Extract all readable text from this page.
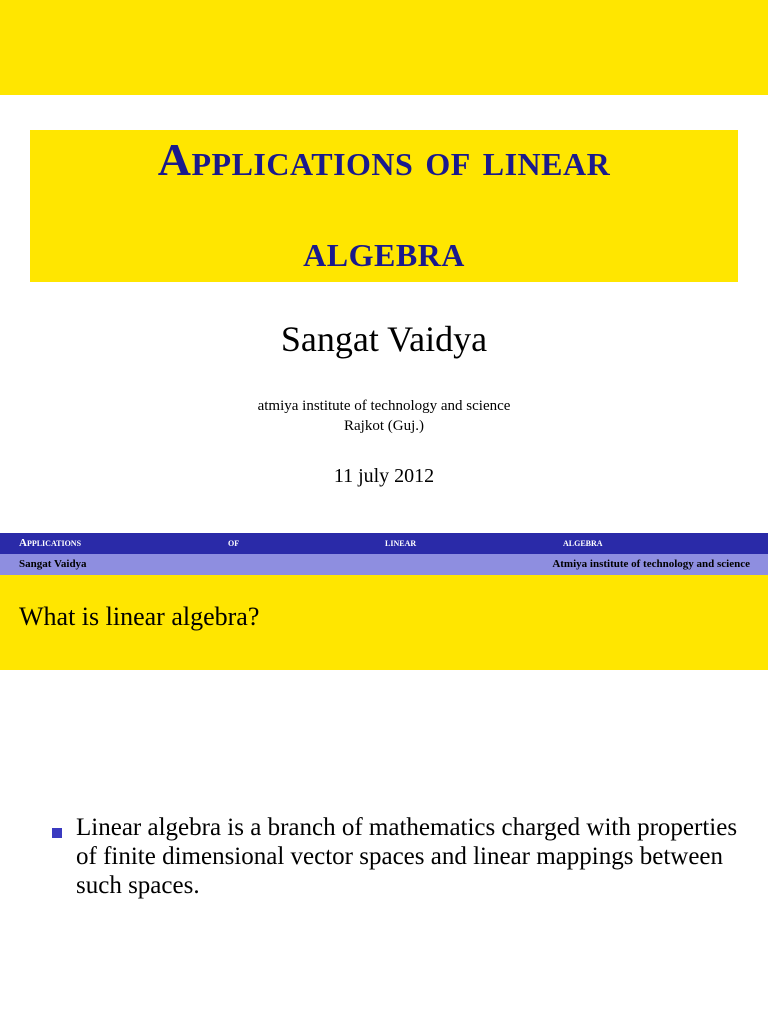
Applications of linear
algebra
Sangat Vaidya
atmiya institute of technology and science
Rajkot (Guj.)
11 july 2012
Applications	of	linear	algebra
Sangat Vaidya	Atmiya institute of technology and science
What is linear algebra?
Linear algebra is a branch of mathematics charged with properties of finite dimensional vector spaces and linear mappings between such spaces.
